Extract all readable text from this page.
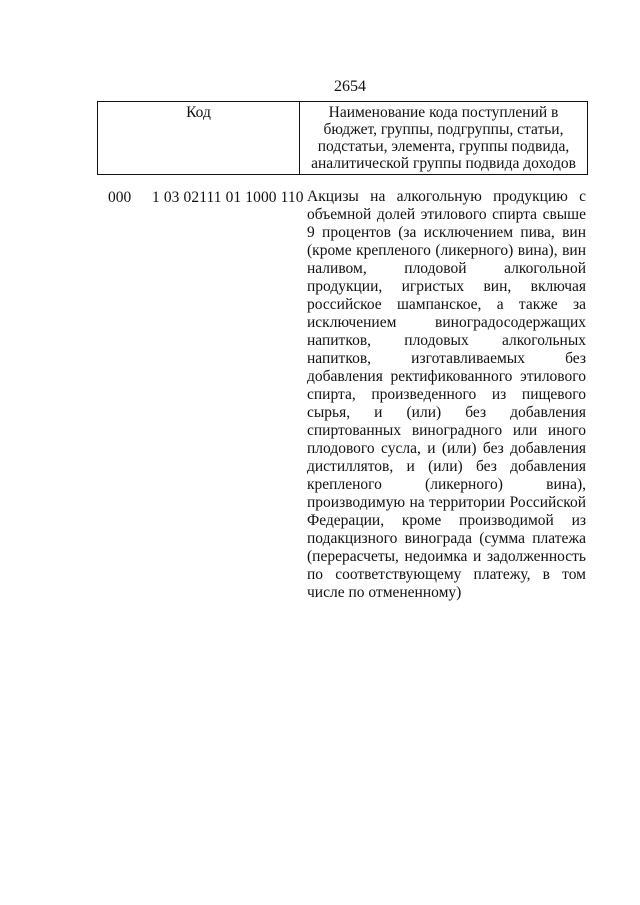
2654
Код	Наименование кода поступлений в бюджет, группы, подгруппы, статьи, подстатьи, элемента, группы подвида, аналитической группы подвида доходов
000 1 03 02111 01 1000 110 Акцизы на алкогольную продукцию с объемной долей этилового спирта свыше 9 процентов (за исключением пива, вин (кроме крепленого (ликерного) вина), вин наливом, плодовой алкогольной продукции, игристых вин, включая российское шампанское, а также за исключением виноградосодержащих напитков, плодовых алкогольных напитков, изготавливаемых без добавления ректификованного этилового спирта, произведенного из пищевого сырья, и (или) без добавления спиртованных виноградного или иного плодового сусла, и (или) без добавления дистиллятов, и (или) без добавления крепленого (ликерного) вина), производимую на территории Российской Федерации, кроме производимой из подакцизного винограда (сумма платежа (перерасчеты, недоимка и задолженность по соответствующему платежу, в том числе по отмененному)
